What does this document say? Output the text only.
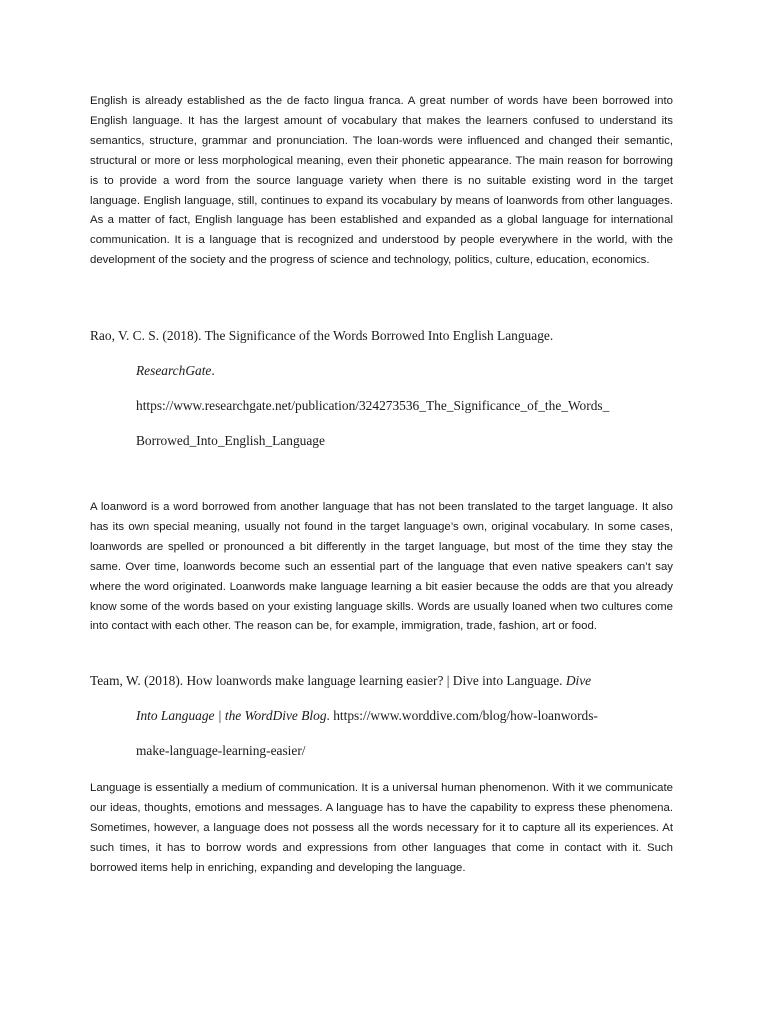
English is already established as the de facto lingua franca. A great number of words have been borrowed into English language. It has the largest amount of vocabulary that makes the learners confused to understand its semantics, structure, grammar and pronunciation. The loan-words were influenced and changed their semantic, structural or more or less morphological meaning, even their phonetic appearance. The main reason for borrowing is to provide a word from the source language variety when there is no suitable existing word in the target language. English language, still, continues to expand its vocabulary by means of loanwords from other languages. As a matter of fact, English language has been established and expanded as a global language for international communication. It is a language that is recognized and understood by people everywhere in the world, with the development of the society and the progress of science and technology, politics, culture, education, economics.

Rao, V. C. S. (2018). The Significance of the Words Borrowed Into English Language.
ResearchGate.
https://www.researchgate.net/publication/324273536_The_Significance_of_the_Words_
Borrowed_Into_English_Language

A loanword is a word borrowed from another language that has not been translated to the target language. It also has its own special meaning, usually not found in the target language’s own, original vocabulary. In some cases, loanwords are spelled or pronounced a bit differently in the target language, but most of the time they stay the same. Over time, loanwords become such an essential part of the language that even native speakers can’t say where the word originated. Loanwords make language learning a bit easier because the odds are that you already know some of the words based on your existing language skills. Words are usually loaned when two cultures come into contact with each other. The reason can be, for example, immigration, trade, fashion, art or food.

Team, W. (2018). How loanwords make language learning easier? | Dive into Language. Dive
Into Language | the WordDive Blog. https://www.worddive.com/blog/how-loanwords-
make-language-learning-easier/

Language is essentially a medium of communication. It is a universal human phenomenon. With it we communicate our ideas, thoughts, emotions and messages. A language has to have the capability to express these phenomena. Sometimes, however, a language does not possess all the words necessary for it to capture all its experiences. At such times, it has to borrow words and expressions from other languages that come in contact with it. Such borrowed items help in enriching, expanding and developing the language.
